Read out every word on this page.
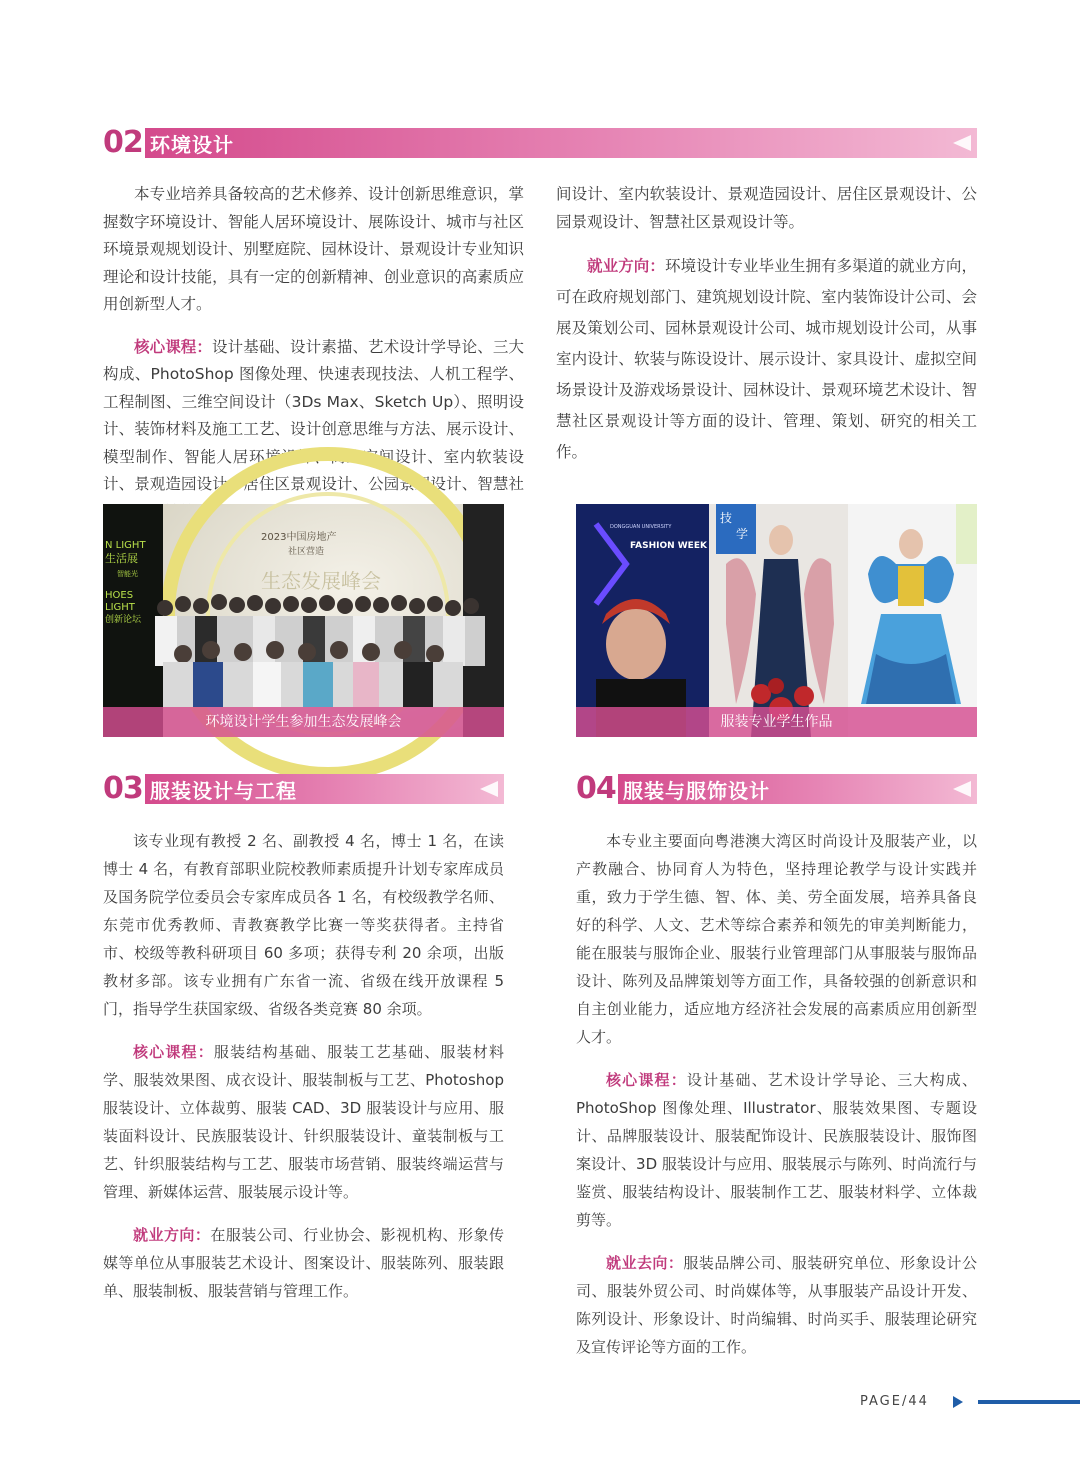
02 环境设计

本专业培养具备较高的艺术修养、设计创新思维意识，掌握数字环境设计、智能人居环境设计、展陈设计、城市与社区环境景观规划设计、别墅庭院、园林设计、景观设计专业知识理论和设计技能，具有一定的创新精神、创业意识的高素质应用创新型人才。

核心课程：设计基础、设计素描、艺术设计学导论、三大构成、PhotoShop 图像处理、快速表现技法、人机工程学、工程制图、三维空间设计（3Ds Max、Sketch Up）、照明设计、装饰材料及施工工艺、设计创意思维与方法、展示设计、模型制作、智能人居环境设计、商业空间设计、室内软装设计、景观造园设计、居住区景观设计、公园景观设计、智慧社

间设计、室内软装设计、景观造园设计、居住区景观设计、公园景观设计、智慧社区景观设计等。

就业方向：环境设计专业毕业生拥有多渠道的就业方向，可在政府规划部门、建筑规划设计院、室内装饰设计公司、会展及策划公司、园林景观设计公司、城市规划设计公司，从事室内设计、软装与陈设设计、展示设计、家具设计、虚拟空间场景设计及游戏场景设计、园林设计、景观环境艺术设计、智慧社区景观设计等方面的设计、管理、策划、研究的相关工作。

N LIGHT
生活展
智能光
HOES
LIGHT
创新论坛
2023中国房地产
社区营造
生态发展峰会
环境设计学生参加生态发展峰会
DONGGUAN UNIVERSITY
FASHION WEEK
技
学
服装专业学生作品
03 服装设计与工程

该专业现有教授 2 名、副教授 4 名，博士 1 名，在读博士 4 名，有教育部职业院校教师素质提升计划专家库成员及国务院学位委员会专家库成员各 1 名，有校级教学名师、东莞市优秀教师、青教赛教学比赛一等奖获得者。主持省市、校级等教科研项目 60 多项；获得专利 20 余项，出版教材多部。该专业拥有广东省一流、省级在线开放课程 5 门，指导学生获国家级、省级各类竞赛 80 余项。

核心课程：服装结构基础、服装工艺基础、服装材料学、服装效果图、成衣设计、服装制板与工艺、Photoshop 服装设计、立体裁剪、服装 CAD、3D 服装设计与应用、服装面料设计、民族服装设计、针织服装设计、童装制板与工艺、针织服装结构与工艺、服装市场营销、服装终端运营与管理、新媒体运营、服装展示设计等。

就业方向：在服装公司、行业协会、影视机构、形象传媒等单位从事服装艺术设计、图案设计、服装陈列、服装跟单、服装制板、服装营销与管理工作。

04 服装与服饰设计

本专业主要面向粤港澳大湾区时尚设计及服装产业，以产教融合、协同育人为特色，坚持理论教学与设计实践并重，致力于学生德、智、体、美、劳全面发展，培养具备良好的科学、人文、艺术等综合素养和领先的审美判断能力，能在服装与服饰企业、服装行业管理部门从事服装与服饰品设计、陈列及品牌策划等方面工作，具备较强的创新意识和自主创业能力，适应地方经济社会发展的高素质应用创新型人才。

核心课程：设计基础、艺术设计学导论、三大构成、PhotoShop 图像处理、Illustrator、服装效果图、专题设计、品牌服装设计、服装配饰设计、民族服装设计、服饰图案设计、3D 服装设计与应用、服装展示与陈列、时尚流行与鉴赏、服装结构设计、服装制作工艺、服装材料学、立体裁剪等。

就业去向：服装品牌公司、服装研究单位、形象设计公司、服装外贸公司、时尚媒体等，从事服装产品设计开发、陈列设计、形象设计、时尚编辑、时尚买手、服装理论研究及宣传评论等方面的工作。

PAGE/44
